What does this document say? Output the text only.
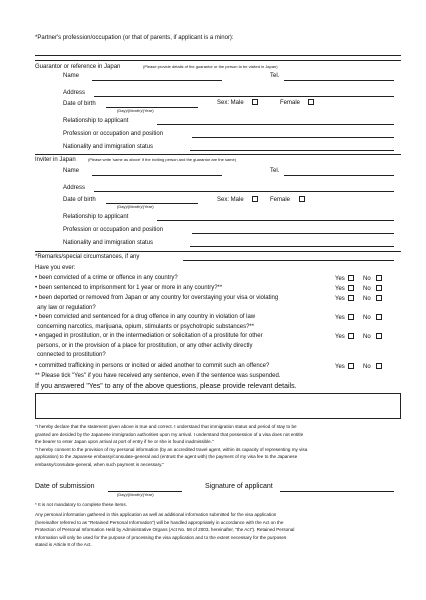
*Partner's profession/occupation (or that of parents, if applicant is a minor):
Guarantor or reference in Japan	(Please provide details of the guarantor or the person to be visited in Japan)
Name	Tel.
Address
Date of birth
(Day)/(Month)/(Year)
Sex: Male	Female
Relationship to applicant
Profession or occupation and position
Nationality and immigration status
Inviter in Japan	(Please write 'same as above' if the inviting person and the guarantor are the same)
Name	Tel.
Address
Date of birth
(Day)/(Month)/(Year)
Sex: Male	Female
Relationship to applicant
Profession or occupation and position
Nationality and immigration status
*Remarks/special circumstances, if any
Have you ever:
• been convicted of a crime or offence in any country?	Yes	No
• been sentenced to imprisonment for 1 year or more in any country?**	Yes	No
• been deported or removed from Japan or any country for overstaying your visa or violating
any law or regulation?
Yes	No
• been convicted and sentenced for a drug offence in any country in violation of law
concerning narcotics, marijuana, opium, stimulants or psychotropic substances?**
Yes	No
• engaged in prostitution, or in the intermediation or solicitation of a prostitute for other
persons, or in the provision of a place for prostitution, or any other activity directly
connected to prostitution?
Yes	No
• committed trafficking in persons or incited or aided another to commit such an offence?	Yes	No
** Please tick "Yes" if you have received any sentence, even if the sentence was suspended.
If you answered "Yes" to any of the above questions, please provide relevant details.
"I hereby declare that the statement given above is true and correct. I understand that immigration status and period of stay to be
granted are decided by the Japanese immigration authorities upon my arrival. I understand that possession of a visa does not entitle
the bearer to enter Japan upon arrival at port of entry if he or she is found inadmissible."
"I hereby consent to the provision of my personal information (by an accredited travel agent, within its capacity of representing my visa
application) to the Japanese embassy/consulate-general and (entrust the agent with) the payment of my visa fee to the Japanese
embassy/consulate-general, when such payment is necessary."
Date of submission
(Day)/(Month)/(Year)
Signature of applicant
* It is not mandatory to complete these items.
Any personal information gathered in this application as well as additional information submitted for the visa application
(hereinafter referred to as "Retained Personal Information") will be handled appropriately in accordance with the Act on the
Protection of Personal Information Held by Administrative Organs (Act No. 58 of 2003, hereinafter, "the Act"). Retained Personal
Information will only be used for the purpose of processing the visa application and to the extent necessary for the purposes
stated in Article 8 of the Act.
